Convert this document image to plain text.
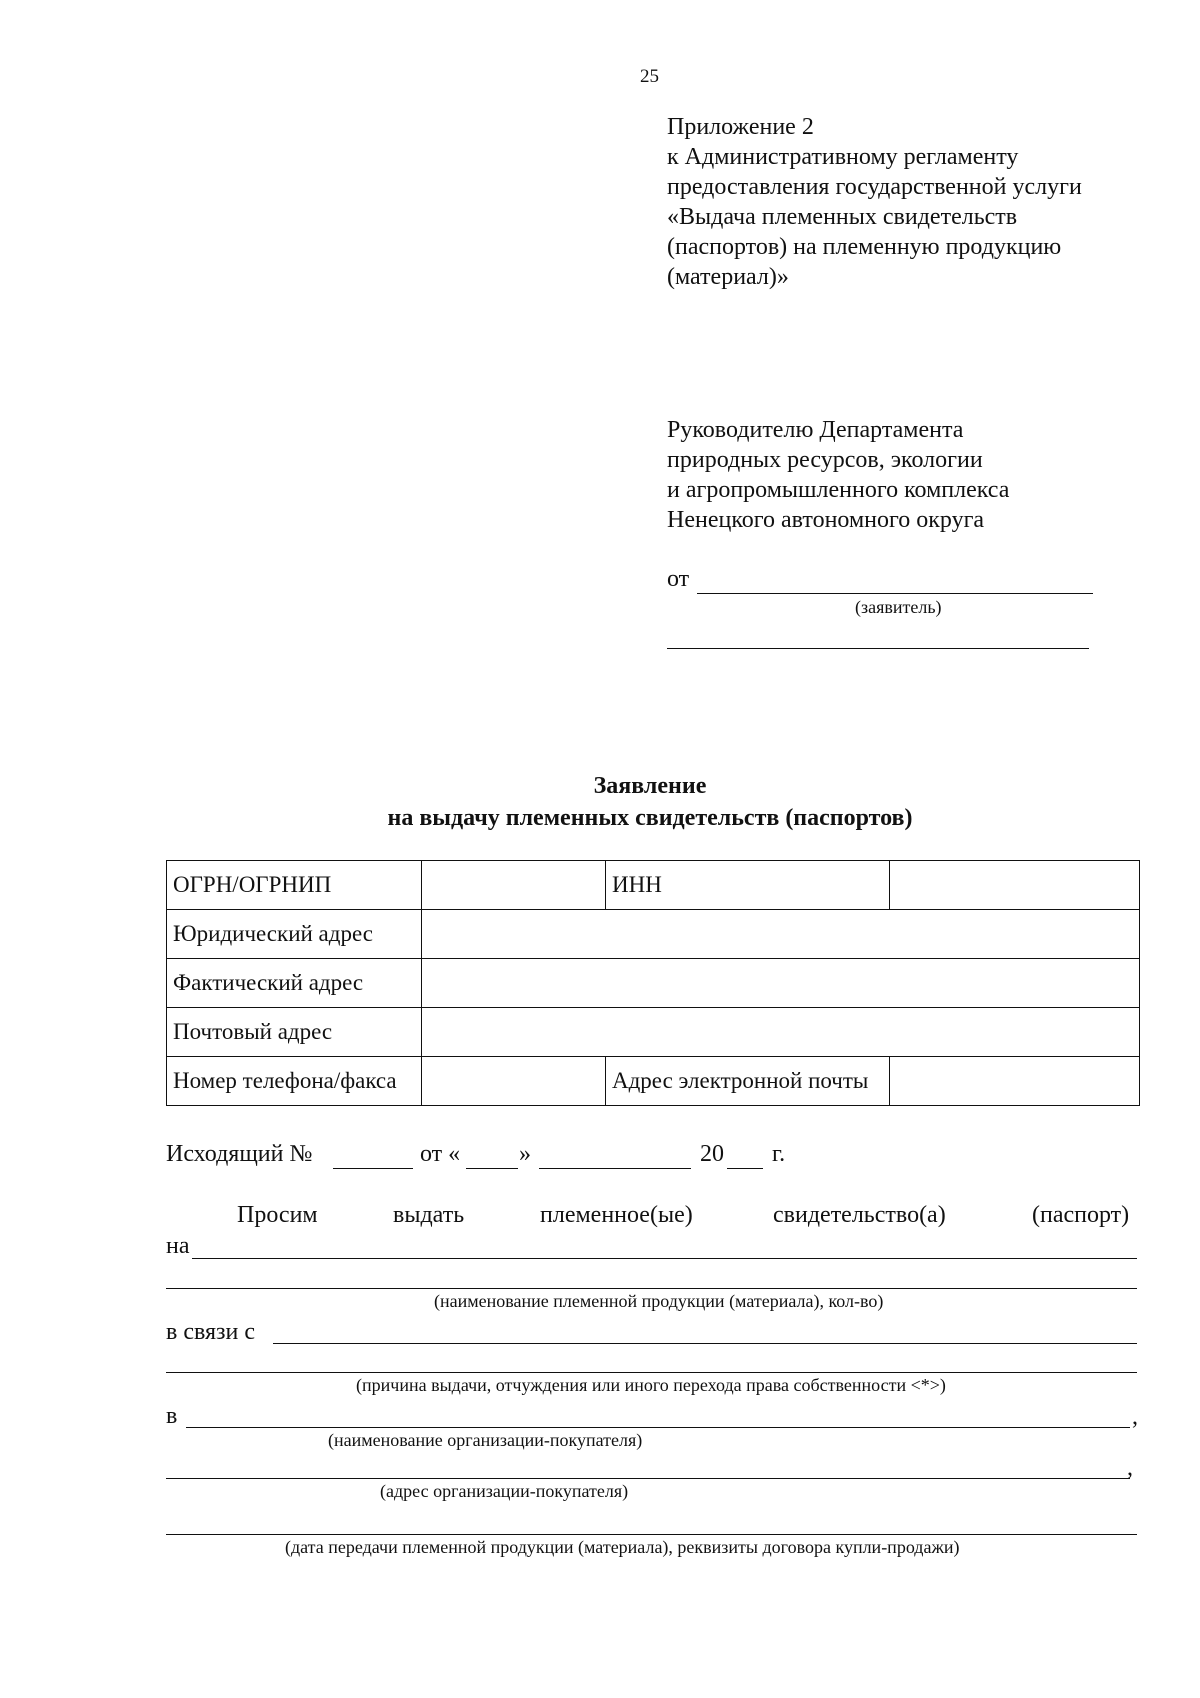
25
Приложение 2
к Административному регламенту
предоставления государственной услуги
«Выдача племенных свидетельств
(паспортов) на племенную продукцию
(материал)»
Руководителю Департамента
природных ресурсов, экологии
и агропромышленного комплекса
Ненецкого автономного округа
от
(заявитель)
Заявление
на выдачу племенных свидетельств (паспортов)
ОГРН/ОГРНИП		ИНН	
Юридический адрес			
Фактический адрес			
Почтовый адрес			
Номер телефона/факса		Адрес электронной почты	
Исходящий №	от « »	20 г.
Просим	выдать	племенное(ые)	свидетельство(а)	(паспорт)
на
(наименование племенной продукции (материала), кол-во)
в связи с
(причина выдачи, отчуждения или иного перехода права собственности <*>)
в	,
(наименование организации-покупателя)
,
(адрес организации-покупателя)
(дата передачи племенной продукции (материала), реквизиты договора купли-продажи)
